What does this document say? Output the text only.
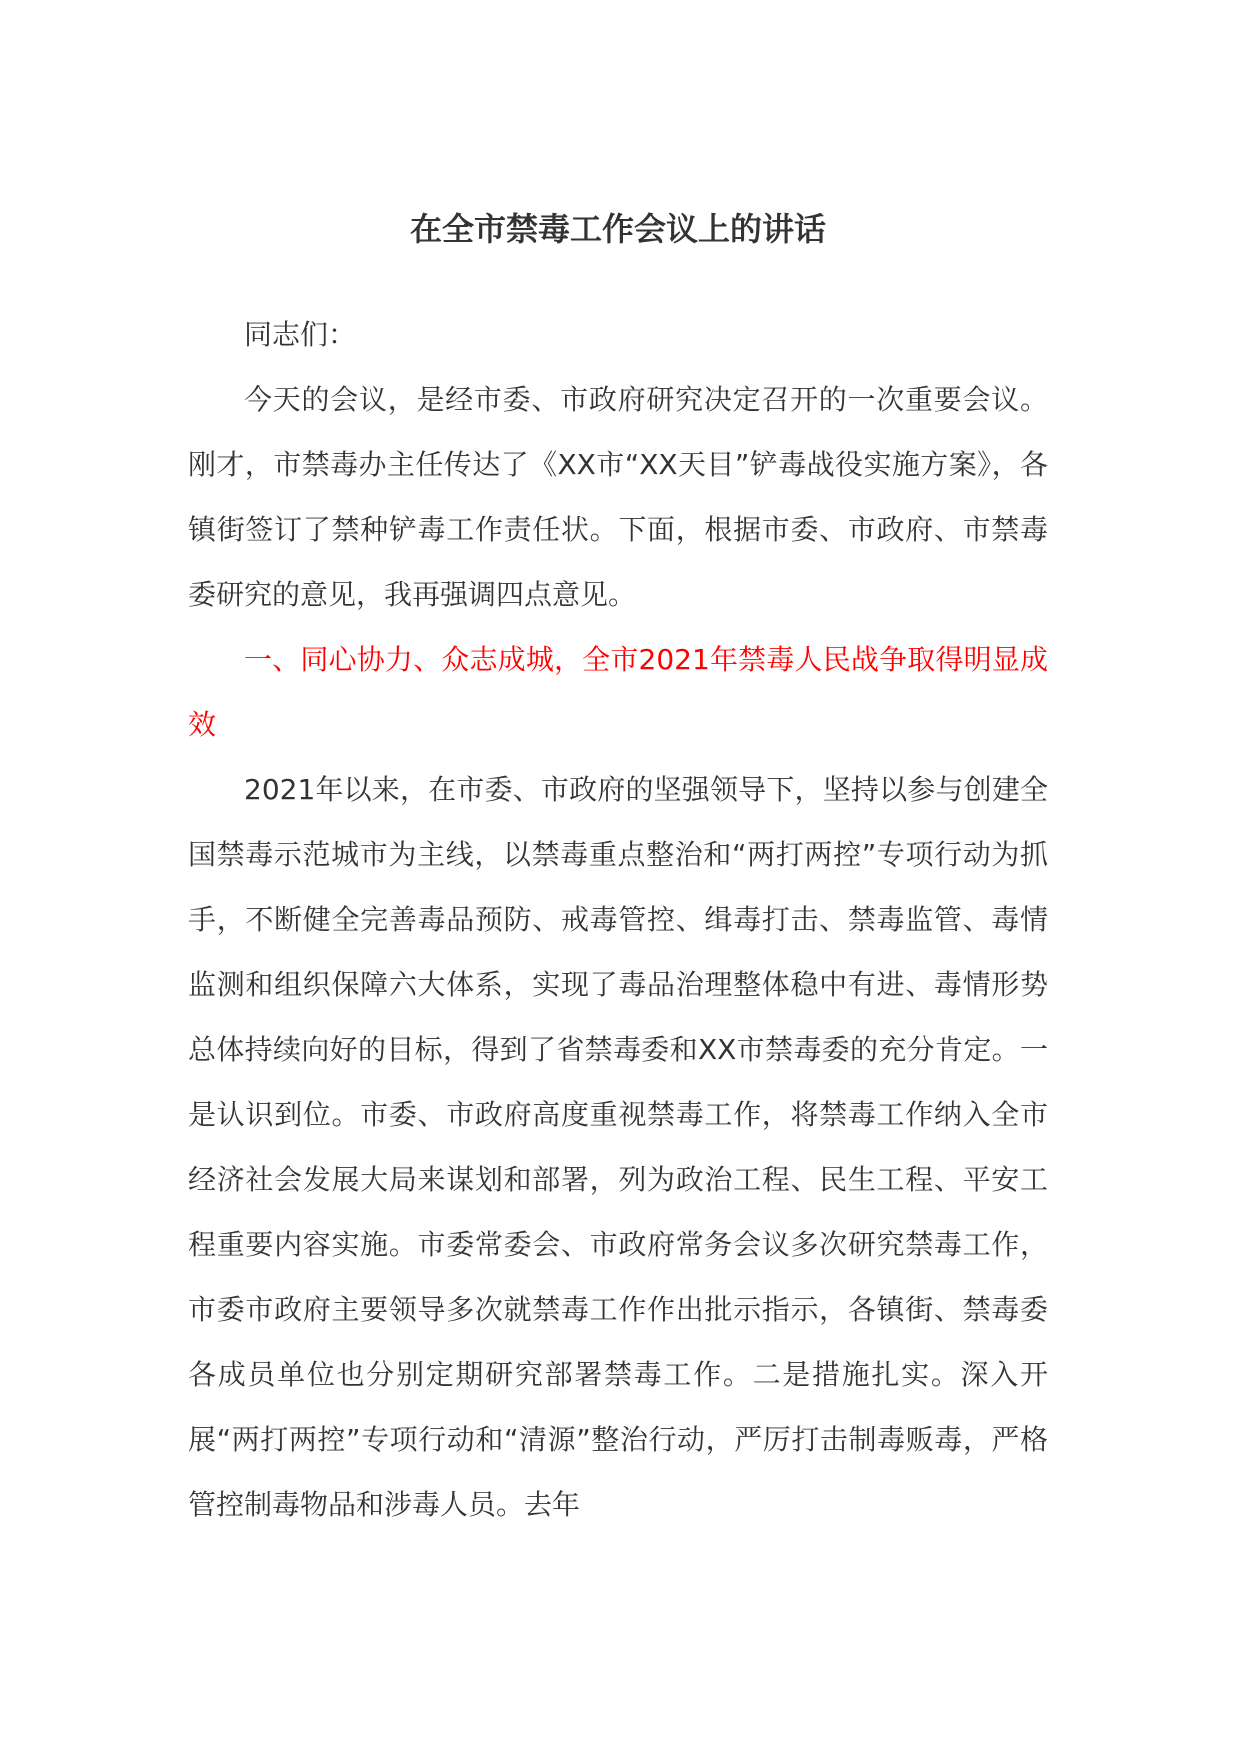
在全市禁毒工作会议上的讲话

同志们：

今天的会议，是经市委、市政府研究决定召开的一次重要会议。刚才，市禁毒办主任传达了《XX市“XX天目”铲毒战役实施方案》，各镇街签订了禁种铲毒工作责任状。下面，根据市委、市政府、市禁毒委研究的意见，我再强调四点意见。

一、同心协力、众志成城，全市2021年禁毒人民战争取得明显成效

2021年以来，在市委、市政府的坚强领导下，坚持以参与创建全国禁毒示范城市为主线，以禁毒重点整治和“两打两控”专项行动为抓手，不断健全完善毒品预防、戒毒管控、缉毒打击、禁毒监管、毒情监测和组织保障六大体系，实现了毒品治理整体稳中有进、毒情形势总体持续向好的目标，得到了省禁毒委和XX市禁毒委的充分肯定。一是认识到位。市委、市政府高度重视禁毒工作，将禁毒工作纳入全市经济社会发展大局来谋划和部署，列为政治工程、民生工程、平安工程重要内容实施。市委常委会、市政府常务会议多次研究禁毒工作，市委市政府主要领导多次就禁毒工作作出批示指示，各镇街、禁毒委各成员单位也分别定期研究部署禁毒工作。二是措施扎实。深入开展“两打两控”专项行动和“清源”整治行动，严厉打击制毒贩毒，严格管控制毒物品和涉毒人员。去年
